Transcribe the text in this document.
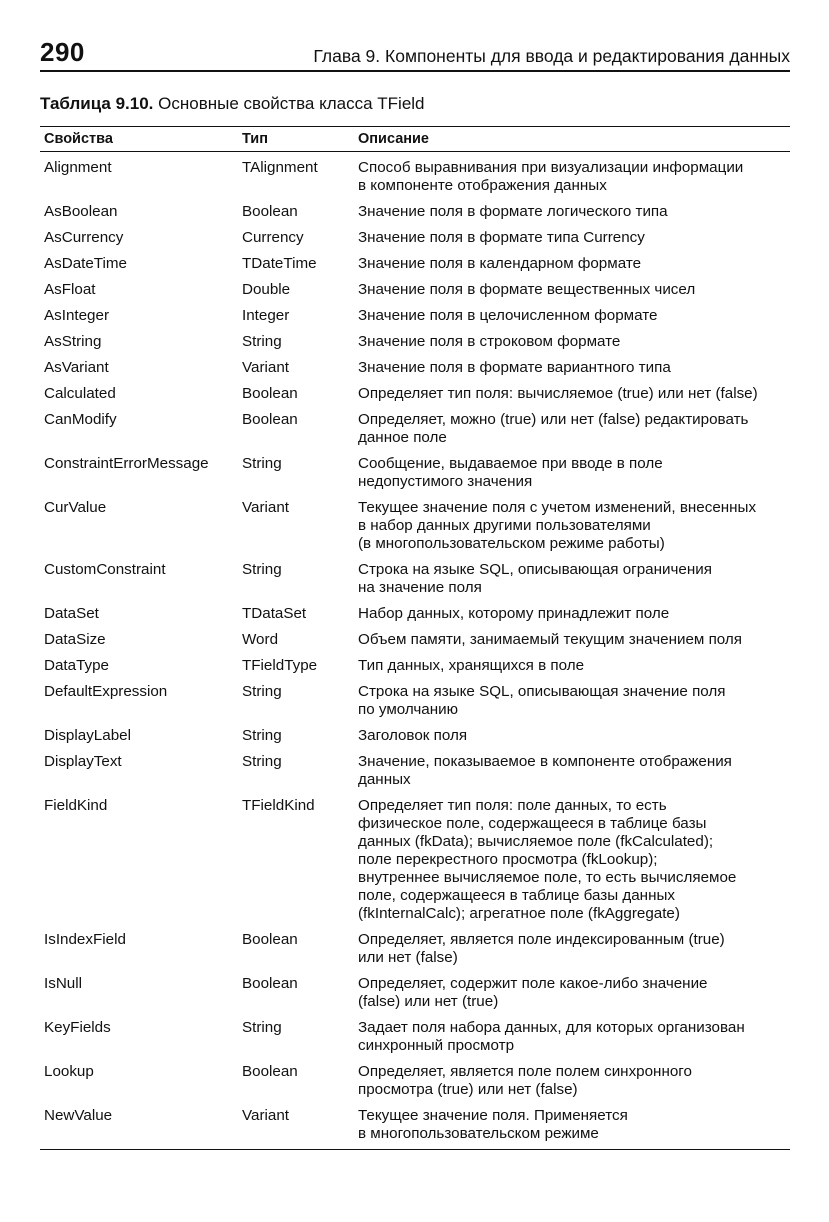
290	Глава 9. Компоненты для ввода и редактирования данных
Таблица 9.10. Основные свойства класса TField
Свойства	Тип	Описание
Alignment	TAlignment	Способ выравнивания при визуализации информации
в компоненте отображения данных
AsBoolean	Boolean	Значение поля в формате логического типа
AsCurrency	Currency	Значение поля в формате типа Currency
AsDateTime	TDateTime	Значение поля в календарном формате
AsFloat	Double	Значение поля в формате вещественных чисел
AsInteger	Integer	Значение поля в целочисленном формате
AsString	String	Значение поля в строковом формате
AsVariant	Variant	Значение поля в формате вариантного типа
Calculated	Boolean	Определяет тип поля: вычисляемое (true) или нет (false)
CanModify	Boolean	Определяет, можно (true) или нет (false) редактировать
данное поле
ConstraintErrorMessage	String	Сообщение, выдаваемое при вводе в поле
недопустимого значения
CurValue	Variant	Текущее значение поля с учетом изменений, внесенных
в набор данных другими пользователями
(в многопользовательском режиме работы)
CustomConstraint	String	Строка на языке SQL, описывающая ограничения
на значение поля
DataSet	TDataSet	Набор данных, которому принадлежит поле
DataSize	Word	Объем памяти, занимаемый текущим значением поля
DataType	TFieldType	Тип данных, хранящихся в поле
DefaultExpression	String	Строка на языке SQL, описывающая значение поля
по умолчанию
DisplayLabel	String	Заголовок поля
DisplayText	String	Значение, показываемое в компоненте отображения
данных
FieldKind	TFieldKind	Определяет тип поля: поле данных, то есть
физическое поле, содержащееся в таблице базы
данных (fkData); вычисляемое поле (fkCalculated);
поле перекрестного просмотра (fkLookup);
внутреннее вычисляемое поле, то есть вычисляемое
поле, содержащееся в таблице базы данных
(fkInternalCalc); агрегатное поле (fkAggregate)
IsIndexField	Boolean	Определяет, является поле индексированным (true)
или нет (false)
IsNull	Boolean	Определяет, содержит поле какое-либо значение
(false) или нет (true)
KeyFields	String	Задает поля набора данных, для которых организован
синхронный просмотр
Lookup	Boolean	Определяет, является поле полем синхронного
просмотра (true) или нет (false)
NewValue	Variant	Текущее значение поля. Применяется
в многопользовательском режиме
